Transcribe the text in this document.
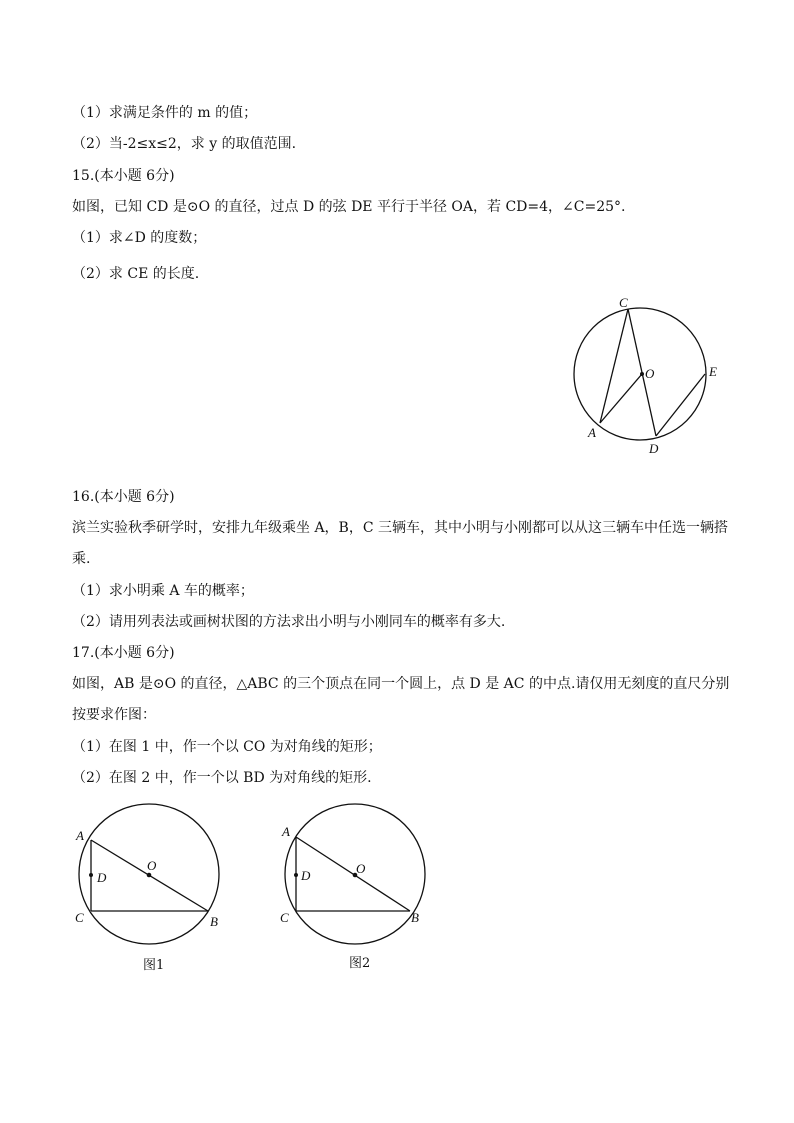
（1）求满足条件的 m 的值；
（2）当-2≤x≤2，求 y 的取值范围.
15.(本小题 6分)
如图，已知 CD 是⊙O 的直径，过点 D 的弦 DE 平行于半径 OA，若 CD=4，∠C=25°.
（1）求∠D 的度数；
（2）求 CE 的长度.
C
O	E
A
D
16.(本小题 6分)
滨兰实验秋季研学时，安排九年级乘坐 A，B，C 三辆车，其中小明与小刚都可以从这三辆车中任选一辆搭
乘.
（1）求小明乘 A 车的概率；
（2）请用列表法或画树状图的方法求出小明与小刚同车的概率有多大.
17.(本小题 6分)
如图，AB 是⊙O 的直径，△ABC 的三个顶点在同一个圆上，点 D 是 AC 的中点.请仅用无刻度的直尺分别
按要求作图：
（1）在图 1 中，作一个以 CO 为对角线的矩形；
（2）在图 2 中，作一个以 BD 为对角线的矩形.
A
O
D
C	B
图1
A
O
D
C	B
图2
